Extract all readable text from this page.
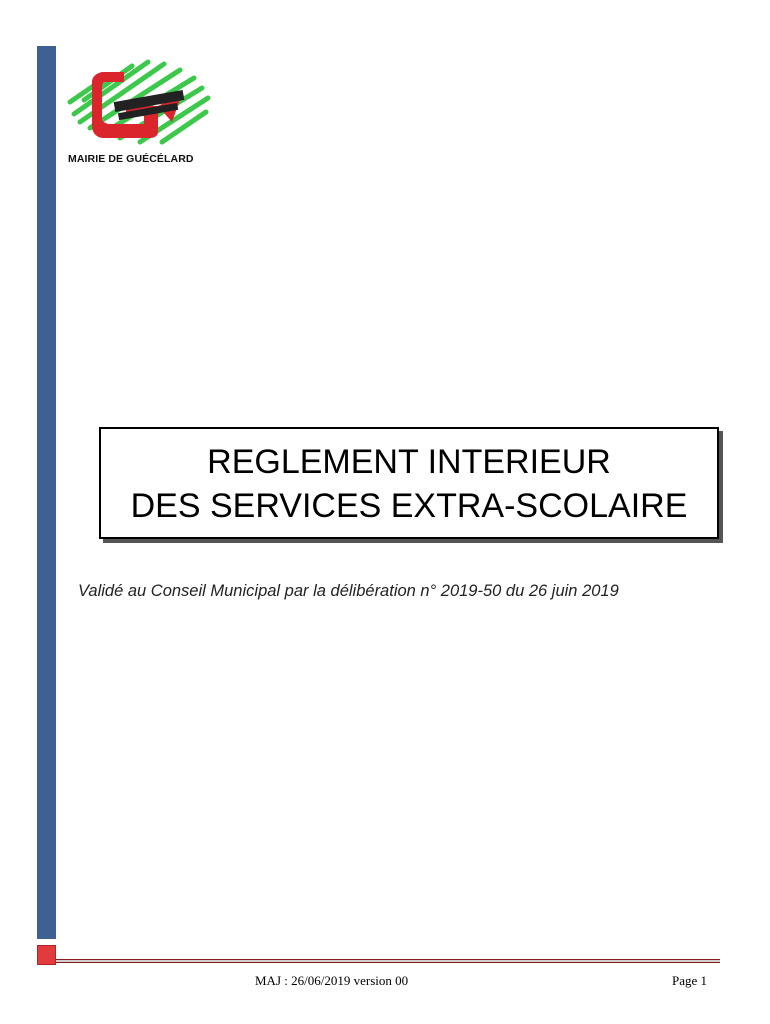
MAIRIE DE GUÉCÉLARD
REGLEMENT INTERIEUR
DES SERVICES EXTRA-SCOLAIRE
Validé au Conseil Municipal par la délibération n° 2019-50 du 26 juin 2019
MAJ : 26/06/2019 version 00	Page 1
